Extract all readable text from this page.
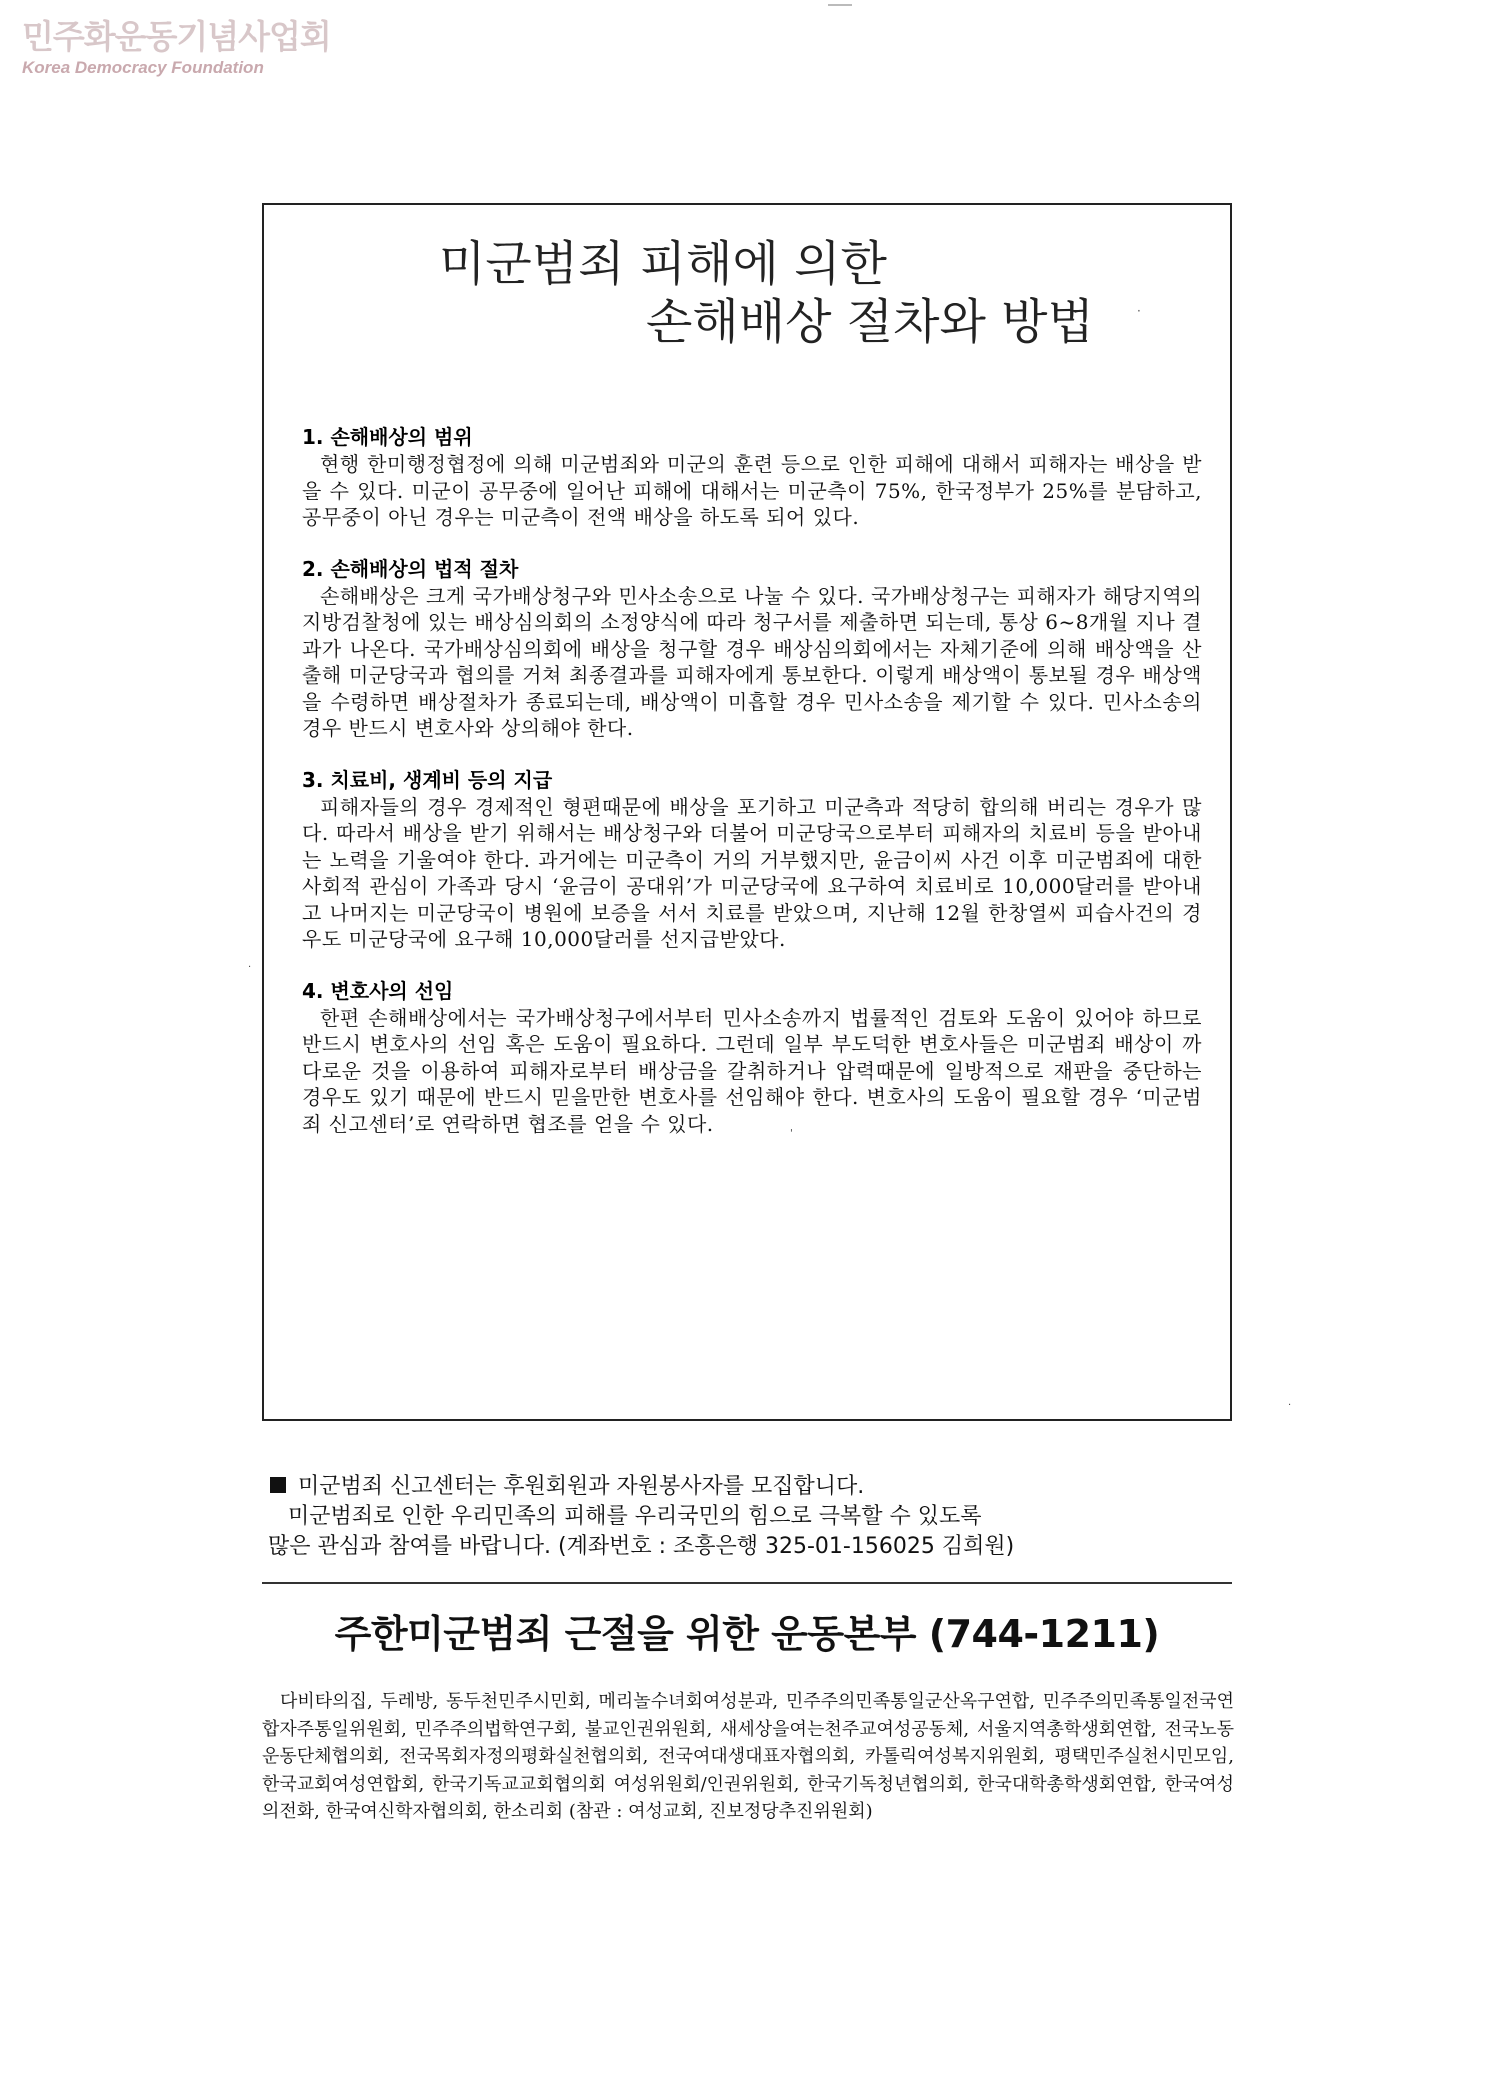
민주화운동기념사업회
Korea Democracy Foundation
미군범죄 피해에 의한
손해배상 절차와 방법	·
1. 손해배상의 범위
현행 한미행정협정에 의해 미군범죄와 미군의 훈련 등으로 인한 피해에 대해서 피해자는 배상을 받을 수 있다. 미군이 공무중에 일어난 피해에 대해서는 미군측이 75%, 한국정부가 25%를 분담하고, 공무중이 아닌 경우는 미군측이 전액 배상을 하도록 되어 있다.
2. 손해배상의 법적 절차
손해배상은 크게 국가배상청구와 민사소송으로 나눌 수 있다. 국가배상청구는 피해자가 해당지역의 지방검찰청에 있는 배상심의회의 소정양식에 따라 청구서를 제출하면 되는데, 통상 6~8개월 지나 결과가 나온다. 국가배상심의회에 배상을 청구할 경우 배상심의회에서는 자체기준에 의해 배상액을 산출해 미군당국과 협의를 거쳐 최종결과를 피해자에게 통보한다. 이렇게 배상액이 통보될 경우 배상액을 수령하면 배상절차가 종료되는데, 배상액이 미흡할 경우 민사소송을 제기할 수 있다. 민사소송의 경우 반드시 변호사와 상의해야 한다.
3. 치료비, 생계비 등의 지급
피해자들의 경우 경제적인 형편때문에 배상을 포기하고 미군측과 적당히 합의해 버리는 경우가 많다. 따라서 배상을 받기 위해서는 배상청구와 더불어 미군당국으로부터 피해자의 치료비 등을 받아내는 노력을 기울여야 한다. 과거에는 미군측이 거의 거부했지만, 윤금이씨 사건 이후 미군범죄에 대한 사회적 관심이 가족과 당시 ‘윤금이 공대위’가 미군당국에 요구하여 치료비로 10,000달러를 받아내고 나머지는 미군당국이 병원에 보증을 서서 치료를 받았으며, 지난해 12월 한창열씨 피습사건의 경우도 미군당국에 요구해 10,000달러를 선지급받았다.
4. 변호사의 선임
한편 손해배상에서는 국가배상청구에서부터 민사소송까지 법률적인 검토와 도움이 있어야 하므로 반드시 변호사의 선임 혹은 도움이 필요하다. 그런데 일부 부도덕한 변호사들은 미군범죄 배상이 까다로운 것을 이용하여 피해자로부터 배상금을 갈취하거나 압력때문에 일방적으로 재판을 중단하는 경우도 있기 때문에 반드시 믿을만한 변호사를 선임해야 한다. 변호사의 도움이 필요할 경우 ‘미군범죄 신고센터’로 연락하면 협조를 얻을 수 있다.
미군범죄 신고센터는 후원회원과 자원봉사자를 모집합니다.
미군범죄로 인한 우리민족의 피해를 우리국민의 힘으로 극복할 수 있도록
많은 관심과 참여를 바랍니다. (계좌번호 : 조흥은행 325-01-156025 김희원)
주한미군범죄 근절을 위한 운동본부 (744-1211)
다비타의집, 두레방, 동두천민주시민회, 메리놀수녀회여성분과, 민주주의민족통일군산옥구연합, 민주주의민족통일전국연합자주통일위원회, 민주주의법학연구회, 불교인권위원회, 새세상을여는천주교여성공동체, 서울지역총학생회연합, 전국노동운동단체협의회, 전국목회자정의평화실천협의회, 전국여대생대표자협의회, 카톨릭여성복지위원회, 평택민주실천시민모임, 한국교회여성연합회, 한국기독교교회협의회 여성위원회/인권위원회, 한국기독청년협의회, 한국대학총학생회연합, 한국여성의전화, 한국여신학자협의회, 한소리회 (참관 : 여성교회, 진보정당추진위원회)
·
'
·
